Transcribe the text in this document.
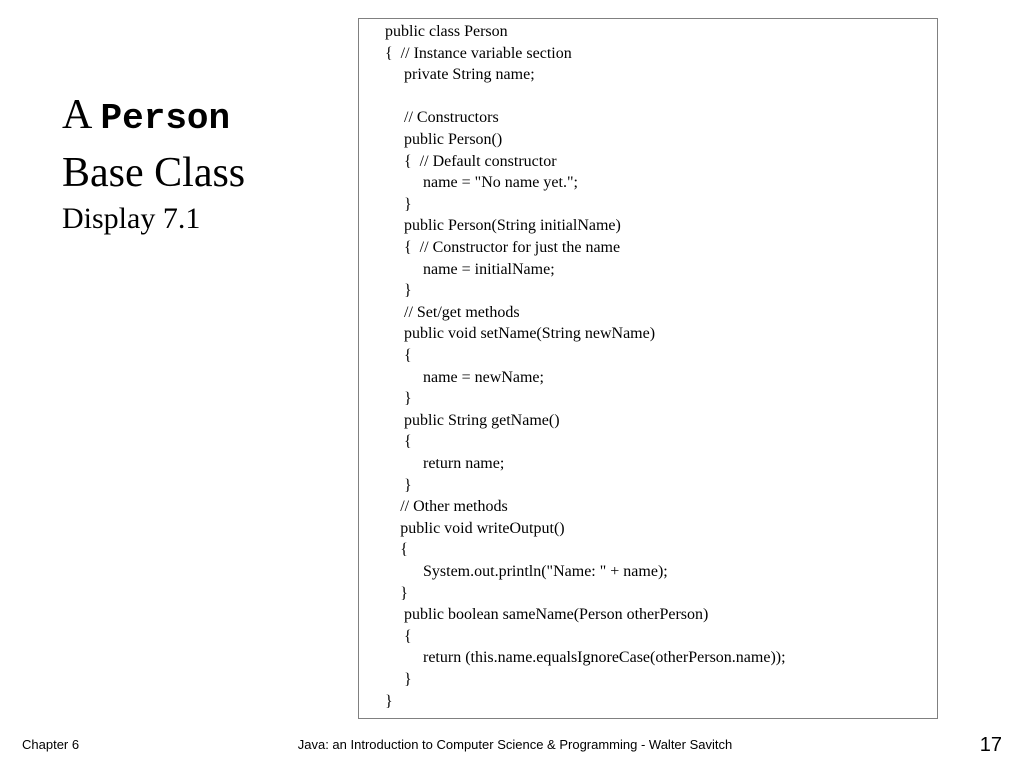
A Person
Base Class
Display 7.1
public class Person
{  // Instance variable section
private String name;
// Constructors
public Person()
{  // Default constructor
name = "No name yet.";
}
public Person(String initialName)
{  // Constructor for just the name
name = initialName;
}
// Set/get methods
public void setName(String newName)
{
name = newName;
}
public String getName()
{
return name;
}
// Other methods
public void writeOutput()
{
System.out.println("Name: " + name);
}
public boolean sameName(Person otherPerson)
{
return (this.name.equalsIgnoreCase(otherPerson.name));
}
}
Chapter 6	Java: an Introduction to Computer Science & Programming - Walter Savitch	17
